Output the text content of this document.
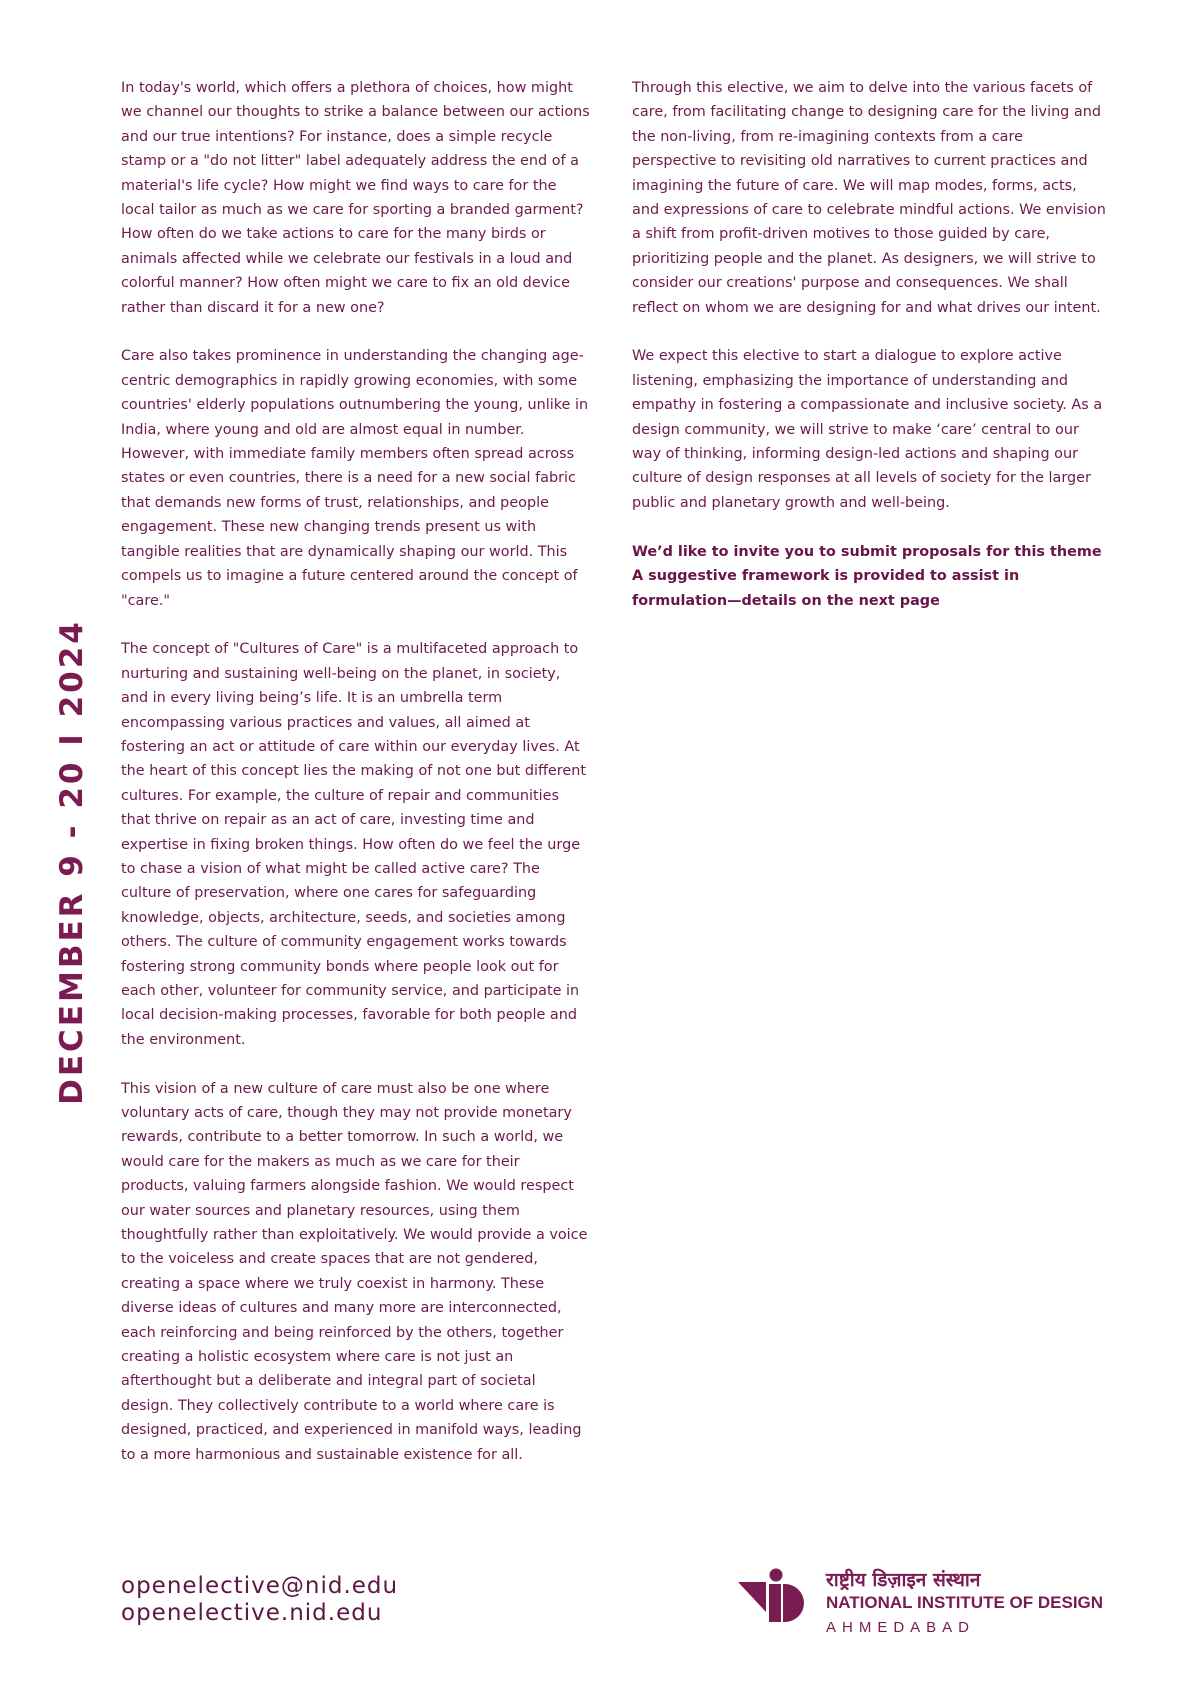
DECEMBER 9 - 20 I 2024

In today's world, which offers a plethora of choices, how might we channel our thoughts to strike a balance between our actions and our true intentions? For instance, does a simple recycle stamp or a "do not litter" label adequately address the end of a material's life cycle? How might we find ways to care for the local tailor as much as we care for sporting a branded garment? How often do we take actions to care for the many birds or animals affected while we celebrate our festivals in a loud and colorful manner? How often might we care to fix an old device rather than discard it for a new one?

Care also takes prominence in understanding the changing age-centric demographics in rapidly growing economies, with some countries' elderly populations outnumbering the young, unlike in India, where young and old are almost equal in number. However, with immediate family members often spread across states or even countries, there is a need for a new social fabric that demands new forms of trust, relationships, and people engagement. These new changing trends present us with tangible realities that are dynamically shaping our world. This compels us to imagine a future centered around the concept of "care."

The concept of "Cultures of Care" is a multifaceted approach to nurturing and sustaining well-being on the planet, in society, and in every living being’s life. It is an umbrella term encompassing various practices and values, all aimed at fostering an act or attitude of care within our everyday lives. At the heart of this concept lies the making of not one but different cultures. For example, the culture of repair and communities that thrive on repair as an act of care, investing time and expertise in fixing broken things. How often do we feel the urge to chase a vision of what might be called active care? The culture of preservation, where one cares for safeguarding knowledge, objects, architecture, seeds, and societies among others. The culture of community engagement works towards fostering strong community bonds where people look out for each other, volunteer for community service, and participate in local decision-making processes, favorable for both people and the environment.

This vision of a new culture of care must also be one where voluntary acts of care, though they may not provide monetary rewards, contribute to a better tomorrow. In such a world, we would care for the makers as much as we care for their products, valuing farmers alongside fashion. We would respect our water sources and planetary resources, using them thoughtfully rather than exploitatively. We would provide a voice to the voiceless and create spaces that are not gendered, creating a space where we truly coexist in harmony. These diverse ideas of cultures and many more are interconnected, each reinforcing and being reinforced by the others, together creating a holistic ecosystem where care is not just an afterthought but a deliberate and integral part of societal design. They collectively contribute to a world where care is designed, practiced, and experienced in manifold ways, leading to a more harmonious and sustainable existence for all.

Through this elective, we aim to delve into the various facets of care, from facilitating change to designing care for the living and the non-living, from re-imagining contexts from a care perspective to revisiting old narratives to current practices and imagining the future of care. We will map modes, forms, acts, and expressions of care to celebrate mindful actions. We envision a shift from profit-driven motives to those guided by care, prioritizing people and the planet. As designers, we will strive to consider our creations' purpose and consequences. We shall reflect on whom we are designing for and what drives our intent.

We expect this elective to start a dialogue to explore active listening, emphasizing the importance of understanding and empathy in fostering a compassionate and inclusive society. As a design community, we will strive to make ‘care’ central to our way of thinking, informing design-led actions and shaping our culture of design responses at all levels of society for the larger public and planetary growth and well-being.

We’d like to invite you to submit proposals for this theme A suggestive framework is provided to assist in formulation—details on the next page

openelective@nid.edu
openelective.nid.edu
राष्ट्रीय डिज़ाइन संस्थान
NATIONAL INSTITUTE OF DESIGN
AHMEDABAD
